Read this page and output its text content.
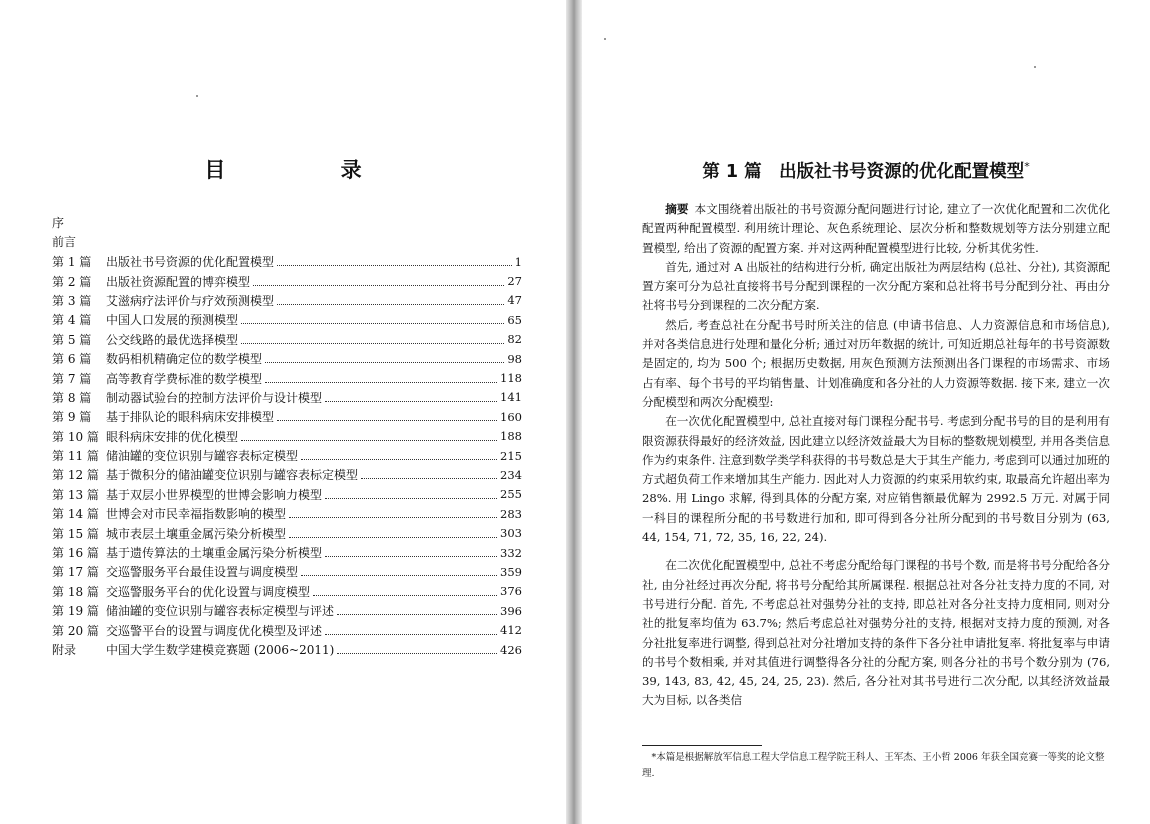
目 录
序
前言
第 1 篇	出版社书号资源的优化配置模型	1
第 2 篇	出版社资源配置的博弈模型	27
第 3 篇	艾滋病疗法评价与疗效预测模型	47
第 4 篇	中国人口发展的预测模型	65
第 5 篇	公交线路的最优选择模型	82
第 6 篇	数码相机精确定位的数学模型	98
第 7 篇	高等教育学费标准的数学模型	118
第 8 篇	制动器试验台的控制方法评价与设计模型	141
第 9 篇	基于排队论的眼科病床安排模型	160
第 10 篇 眼科病床安排的优化模型	188
第 11 篇 储油罐的变位识别与罐容表标定模型	215
第 12 篇 基于微积分的储油罐变位识别与罐容表标定模型	234
第 13 篇 基于双层小世界模型的世博会影响力模型	255
第 14 篇 世博会对市民幸福指数影响的模型	283
第 15 篇 城市表层土壤重金属污染分析模型	303
第 16 篇 基于遗传算法的土壤重金属污染分析模型	332
第 17 篇 交巡警服务平台最佳设置与调度模型	359
第 18 篇 交巡警服务平台的优化设置与调度模型	376
第 19 篇 储油罐的变位识别与罐容表标定模型与评述	396
第 20 篇 交巡警平台的设置与调度优化模型及评述	412
附录	中国大学生数学建模竞赛题 (2006~2011)	426
第 1 篇　出版社书号资源的优化配置模型*

摘要 本文围绕着出版社的书号资源分配问题进行讨论, 建立了一次优化配置和二次优化配置两种配置模型. 利用统计理论、灰色系统理论、层次分析和整数规划等方法分别建立配置模型, 给出了资源的配置方案. 并对这两种配置模型进行比较, 分析其优劣性.

首先, 通过对 A 出版社的结构进行分析, 确定出版社为两层结构 (总社、分社), 其资源配置方案可分为总社直接将书号分配到课程的一次分配方案和总社将书号分配到分社、再由分社将书号分到课程的二次分配方案.

然后, 考查总社在分配书号时所关注的信息 (申请书信息、人力资源信息和市场信息), 并对各类信息进行处理和量化分析; 通过对历年数据的统计, 可知近期总社每年的书号资源数是固定的, 均为 500 个; 根据历史数据, 用灰色预测方法预测出各门课程的市场需求、市场占有率、每个书号的平均销售量、计划准确度和各分社的人力资源等数据. 接下来, 建立一次分配模型和两次分配模型:

在一次优化配置模型中, 总社直接对每门课程分配书号. 考虑到分配书号的目的是利用有限资源获得最好的经济效益, 因此建立以经济效益最大为目标的整数规划模型, 并用各类信息作为约束条件. 注意到数学类学科获得的书号数总是大于其生产能力, 考虑到可以通过加班的方式超负荷工作来增加其生产能力. 因此对人力资源的约束采用软约束, 取最高允许超出率为 28%. 用 Lingo 求解, 得到具体的分配方案, 对应销售额最优解为 2992.5 万元. 对属于同一科目的课程所分配的书号数进行加和, 即可得到各分社所分配到的书号数目分别为 (63, 44, 154, 71, 72, 35, 16, 22, 24).

在二次优化配置模型中, 总社不考虑分配给每门课程的书号个数, 而是将书号分配给各分社, 由分社经过再次分配, 将书号分配给其所属课程. 根据总社对各分社支持力度的不同, 对书号进行分配. 首先, 不考虑总社对强势分社的支持, 即总社对各分社支持力度相同, 则对分社的批复率均值为 63.7%; 然后考虑总社对强势分社的支持, 根据对支持力度的预测, 对各分社批复率进行调整, 得到总社对分社增加支持的条件下各分社申请批复率. 将批复率与申请的书号个数相乘, 并对其值进行调整得各分社的分配方案, 则各分社的书号个数分别为 (76, 39, 143, 83, 42, 45, 24, 25, 23). 然后, 各分社对其书号进行二次分配, 以其经济效益最大为目标, 以各类信

*本篇是根据解放军信息工程大学信息工程学院王科人、王军杰、王小哲 2006 年获全国竞赛一等奖的论文整理.
